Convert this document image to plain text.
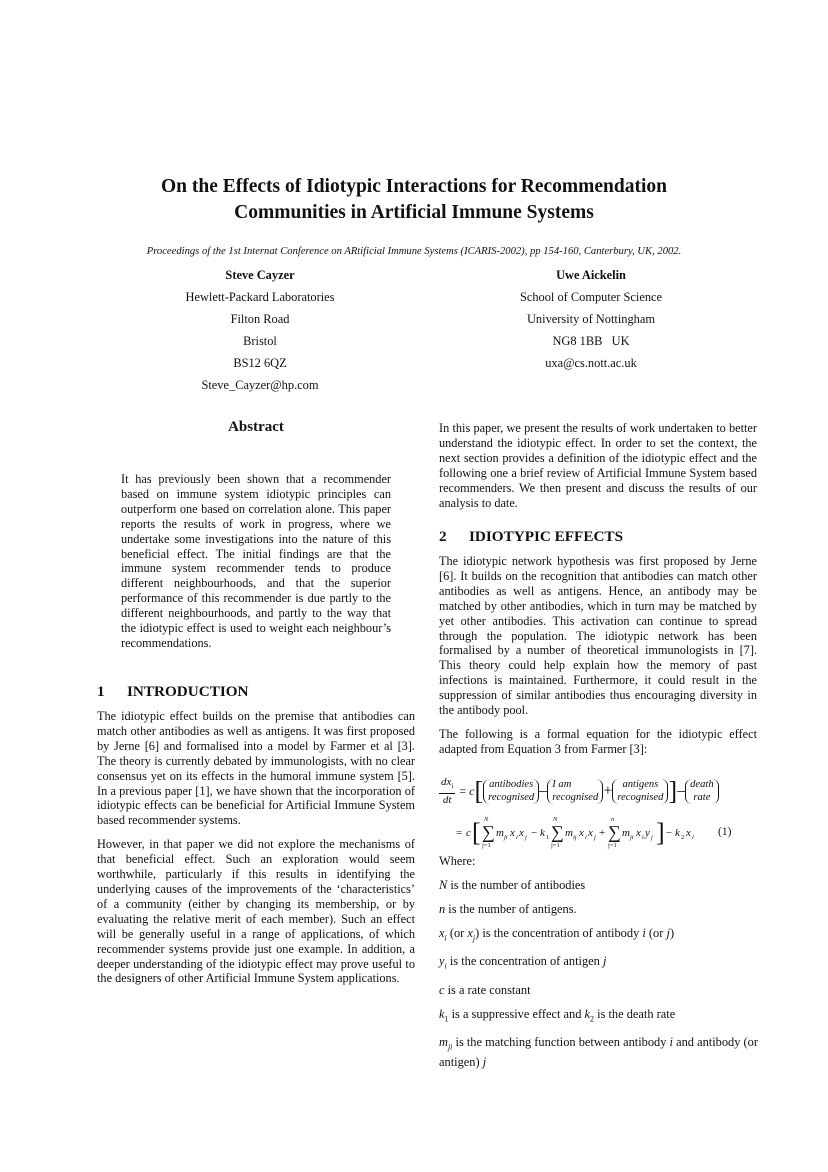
On the Effects of Idiotypic Interactions for Recommendation
Communities in Artificial Immune Systems
Proceedings of the 1st Internat Conference on ARtificial Immune Systems (ICARIS-2002), pp 154-160, Canterbury, UK, 2002.
Steve Cayzer
Hewlett-Packard Laboratories
Filton Road
Bristol
BS12 6QZ
Steve_Cayzer@hp.com
Uwe Aickelin
School of Computer Science
University of Nottingham
NG8 1BB   UK
uxa@cs.nott.ac.uk
Abstract
It has previously been shown that a recommender based on immune system idiotypic principles can outperform one based on correlation alone. This paper reports the results of work in progress, where we undertake some investigations into the nature of this beneficial effect. The initial findings are that the immune system recommender tends to produce different neighbourhoods, and that the superior performance of this recommender is due partly to the different neighbourhoods, and partly to the way that the idiotypic effect is used to weight each neighbour’s recommendations.
1	INTRODUCTION

The idiotypic effect builds on the premise that antibodies can match other antibodies as well as antigens. It was first proposed by Jerne [6] and formalised into a model by Farmer et al [3]. The theory is currently debated by immunologists, with no clear consensus yet on its effects in the humoral immune system [5]. In a previous paper [1], we have shown that the incorporation of idiotypic effects can be beneficial for Artificial Immune System based recommender systems.

However, in that paper we did not explore the mechanisms of that beneficial effect. Such an exploration would seem worthwhile, particularly if this results in identifying the underlying causes of the improvements of the ‘characteristics’ of a community (either by changing its membership, or by evaluating the relative merit of each member). Such an effect will be generally useful in a range of applications, of which recommender systems provide just one example. In addition, a deeper understanding of the idiotypic effect may prove useful to the designers of other Artificial Immune System applications.

In this paper, we present the results of work undertaken to better understand the idiotypic effect. In order to set the context, the next section provides a definition of the idiotypic effect and the following one a brief review of Artificial Immune System based recommenders. We then present and discuss the results of our analysis to date.
2	IDIOTYPIC EFFECTS

The idiotypic network hypothesis was first proposed by Jerne [6]. It builds on the recognition that antibodies can match other antibodies as well as antigens. Hence, an antibody may be matched by other antibodies, which in turn may be matched by yet other antibodies. This activation can continue to spread through the population. The idiotypic network has been formalised by a number of theoretical immunologists in [7]. This theory could help explain how the memory of past infections is maintained. Furthermore, it could result in the suppression of similar antibodies thus encouraging diversity in the antibody pool.

The following is a formal equation for the idiotypic effect adapted from Equation 3 from Farmer [3]:

$\frac{dx_i}{dt} = c$[ antibodies
recognised – I am
recognised + antigens
recognised ]– death
rate
= c [ ∑
N
j=1
m ji x i x j − k 1 ∑
N
j=1
m ij x i x j + ∑
n
j=1
m ji x i y j ] − k 2 x i (1)
Where:
N is the number of antibodies
n is the number of antigens.
$x_i$ (or $x_j$) is the concentration of antibody i (or j)
$y_i$ is the concentration of antigen j
c is a rate constant
$k_1$ is a suppressive effect and $k_2$ is the death rate
$m_{ji}$ is the matching function between antibody i and antibody (or antigen) j
